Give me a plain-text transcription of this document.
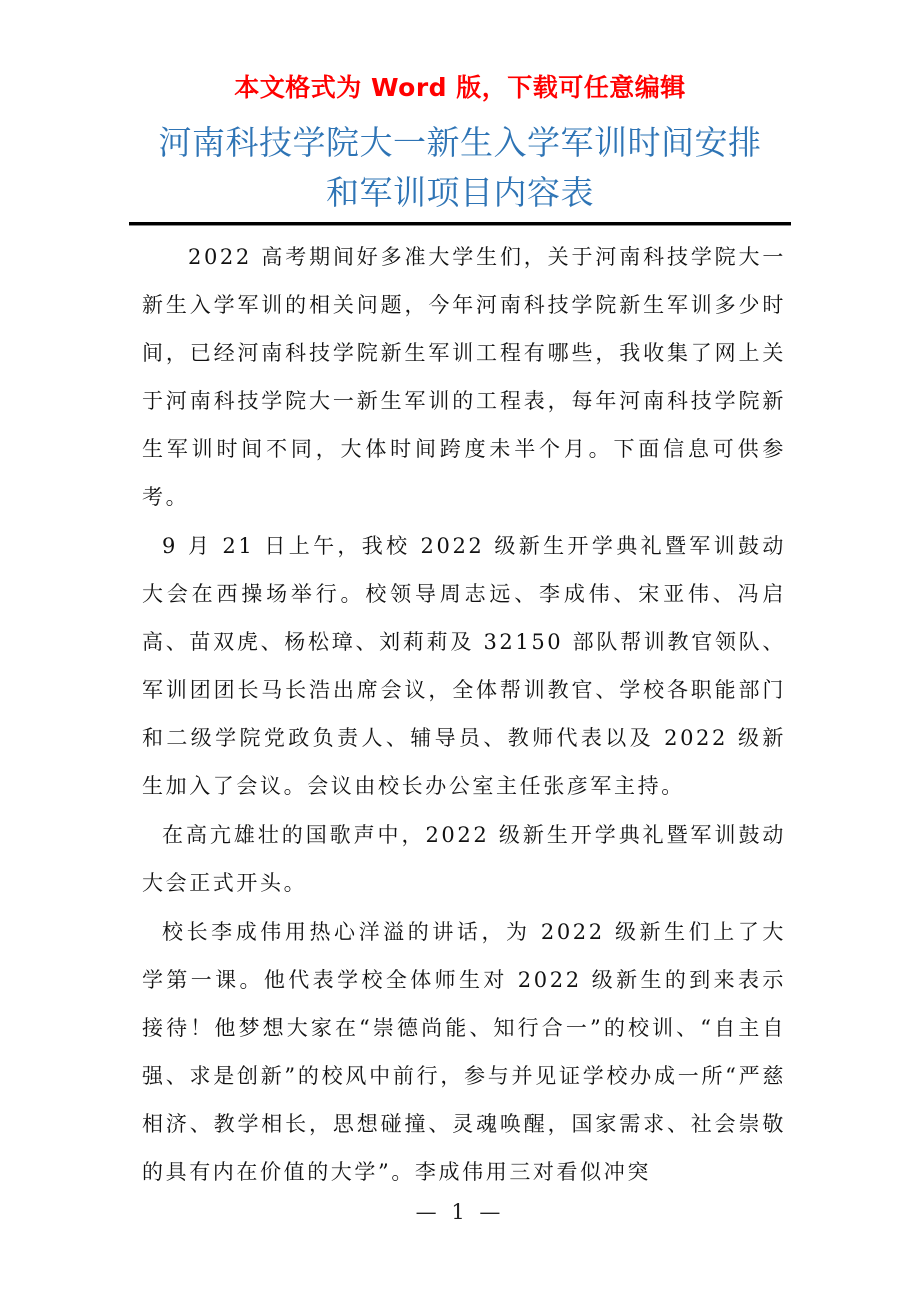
本文格式为 Word 版，下载可任意编辑
河南科技学院大一新生入学军训时间安排
和军训项目内容表

2022 高考期间好多准大学生们，关于河南科技学院大一新生入学军训的相关问题，今年河南科技学院新生军训多少时间，已经河南科技学院新生军训工程有哪些，我收集了网上关于河南科技学院大一新生军训的工程表，每年河南科技学院新生军训时间不同，大体时间跨度未半个月。下面信息可供参考。

9 月 21 日上午，我校 2022 级新生开学典礼暨军训鼓动大会在西操场举行。校领导周志远、李成伟、宋亚伟、冯启高、苗双虎、杨松璋、刘莉莉及 32150 部队帮训教官领队、军训团团长马长浩出席会议，全体帮训教官、学校各职能部门和二级学院党政负责人、辅导员、教师代表以及 2022 级新生加入了会议。会议由校长办公室主任张彦军主持。

在高亢雄壮的国歌声中，2022 级新生开学典礼暨军训鼓动大会正式开头。

校长李成伟用热心洋溢的讲话，为 2022 级新生们上了大学第一课。他代表学校全体师生对 2022 级新生的到来表示接待！他梦想大家在“崇德尚能、知行合一”的校训、“自主自强、求是创新”的校风中前行，参与并见证学校办成一所“严慈相济、教学相长，思想碰撞、灵魂唤醒，国家需求、社会崇敬的具有内在价值的大学”。李成伟用三对看似冲突

— 1 —
